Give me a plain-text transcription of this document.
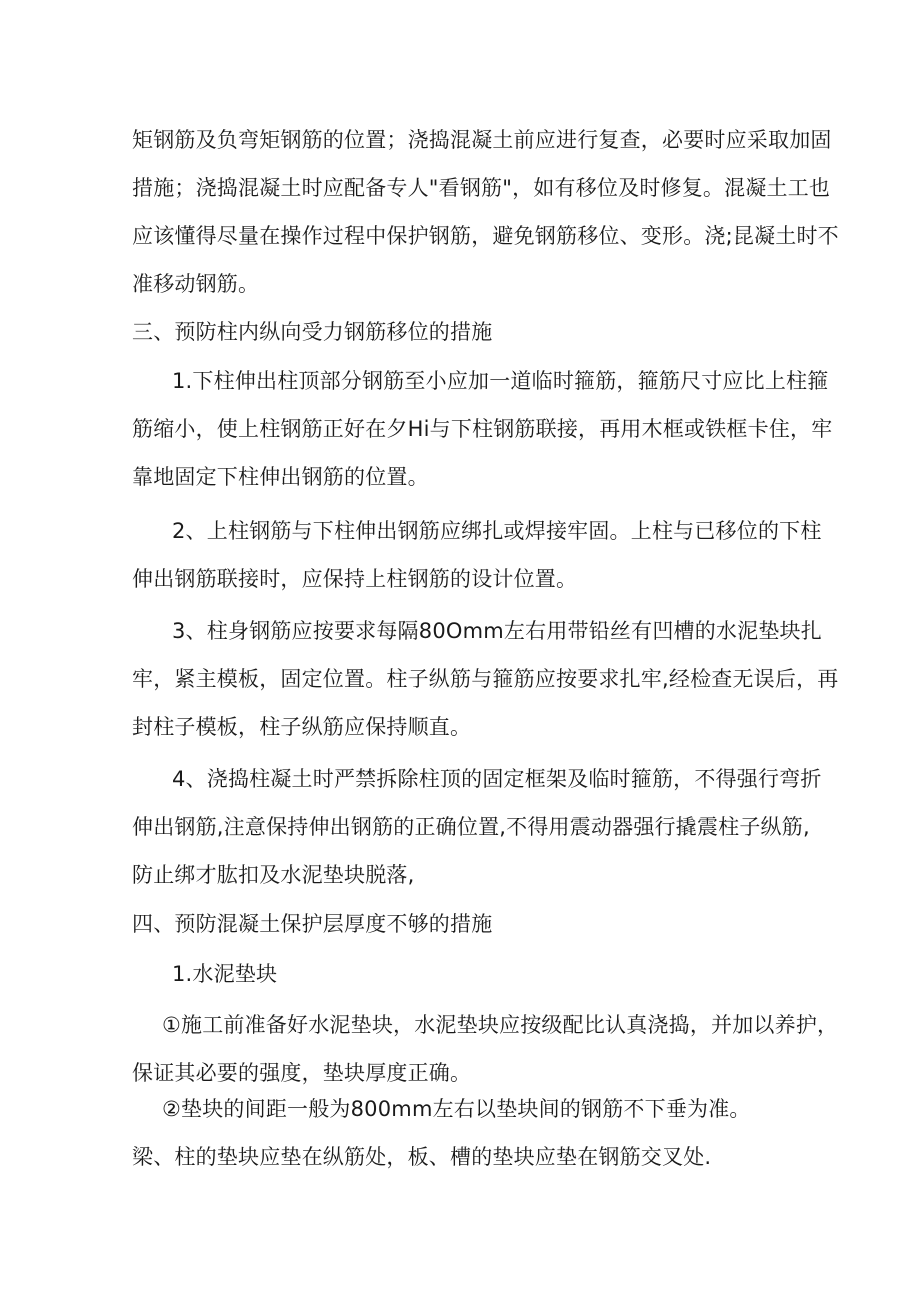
矩钢筋及负弯矩钢筋的位置；浇捣混凝土前应进行复查，必要时应采取加固
措施；浇捣混凝土时应配备专人"看钢筋"，如有移位及时修复。混凝土工也
应该懂得尽量在操作过程中保护钢筋，避免钢筋移位、变形。浇;昆凝土时不
准移动钢筋。
三、预防柱内纵向受力钢筋移位的措施
1.下柱伸出柱顶部分钢筋至小应加一道临时箍筋，箍筋尺寸应比上柱箍
筋缩小，使上柱钢筋正好在夕Hi与下柱钢筋联接，再用木框或铁框卡住，牢
靠地固定下柱伸出钢筋的位置。
2、上柱钢筋与下柱伸出钢筋应绑扎或焊接牢固。上柱与已移位的下柱
伸出钢筋联接时，应保持上柱钢筋的设计位置。
3、柱身钢筋应按要求每隔80Omm左右用带铅丝有凹槽的水泥垫块扎
牢，紧主模板，固定位置。柱子纵筋与箍筋应按要求扎牢,经检查无误后，再
封柱子模板，柱子纵筋应保持顺直。
4、浇捣柱凝土时严禁拆除柱顶的固定框架及临时箍筋，不得强行弯折
伸出钢筋,注意保持伸出钢筋的正确位置,不得用震动器强行撬震柱子纵筋,
防止绑才肱扣及水泥垫块脱落,
四、预防混凝土保护层厚度不够的措施
1.水泥垫块
①施工前准备好水泥垫块，水泥垫块应按级配比认真浇捣，并加以养护，
保证其必要的强度，垫块厚度正确。
②垫块的间距一般为800mm左右以垫块间的钢筋不下垂为准。
梁、柱的垫块应垫在纵筋处，板、槽的垫块应垫在钢筋交叉处.
